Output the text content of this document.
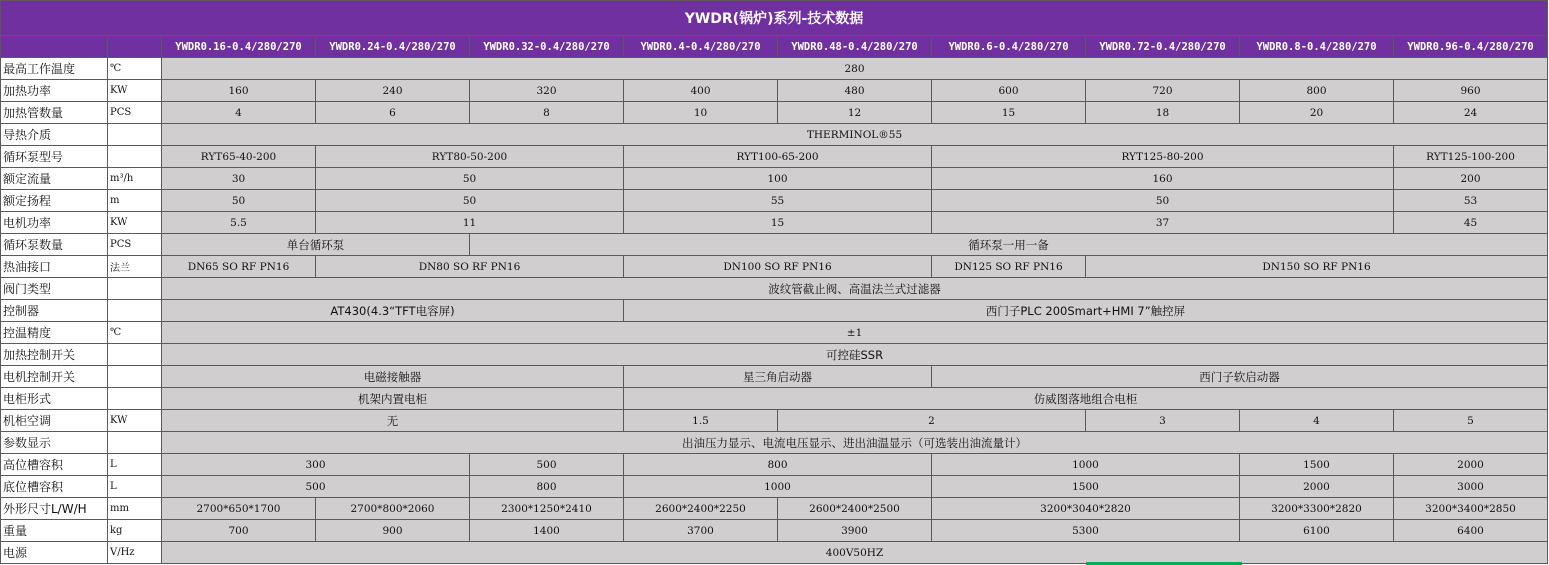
YWDR(锅炉)系列-技术数据										
		YWDR0.16-0.4/280/270	YWDR0.24-0.4/280/270	YWDR0.32-0.4/280/270	YWDR0.4-0.4/280/270	YWDR0.48-0.4/280/270	YWDR0.6-0.4/280/270	YWDR0.72-0.4/280/270	YWDR0.8-0.4/280/270	YWDR0.96-0.4/280/270
最高工作温度	℃	280								
加热功率	KW	160	240	320	400	480	600	720	800	960
加热管数量	PCS	4	6	8	10	12	15	18	20	24
导热介质		THERMINOL®55								
循环泵型号		RYT65-40-200	RYT80-50-200		RYT100-65-200		RYT125-80-200			RYT125-100-200
额定流量	m³/h	30	50		100		160			200
额定扬程	m	50	50		55		50			53
电机功率	KW	5.5	11		15		37			45
循环泵数量	PCS	单台循环泵		循环泵一用一备						
热油接口	法兰	DN65 SO RF PN16	DN80 SO RF PN16		DN100 SO RF PN16		DN125 SO RF PN16	DN150 SO RF PN16		
阀门类型		波纹管截止阀、高温法兰式过滤器								
控制器		AT430(4.3“TFT电容屏)			西门子PLC 200Smart+HMI 7”触控屏					
控温精度	℃	±1								
加热控制开关		可控硅SSR								
电机控制开关		电磁接触器			星三角启动器		西门子软启动器			
电柜形式		机架内置电柜			仿威图落地组合电柜					
机柜空调	KW	无			1.5	2		3	4	5
参数显示		出油压力显示、电流电压显示、进出油温显示（可选装出油流量计）								
高位槽容积	L	300		500	800		1000		1500	2000
底位槽容积	L	500		800	1000		1500		2000	3000
外形尺寸L/W/H	mm	2700*650*1700	2700*800*2060	2300*1250*2410	2600*2400*2250	2600*2400*2500	3200*3040*2820		3200*3300*2820	3200*3400*2850
重量	kg	700	900	1400	3700	3900	5300		6100	6400
电源	V/Hz	400V50HZ								
